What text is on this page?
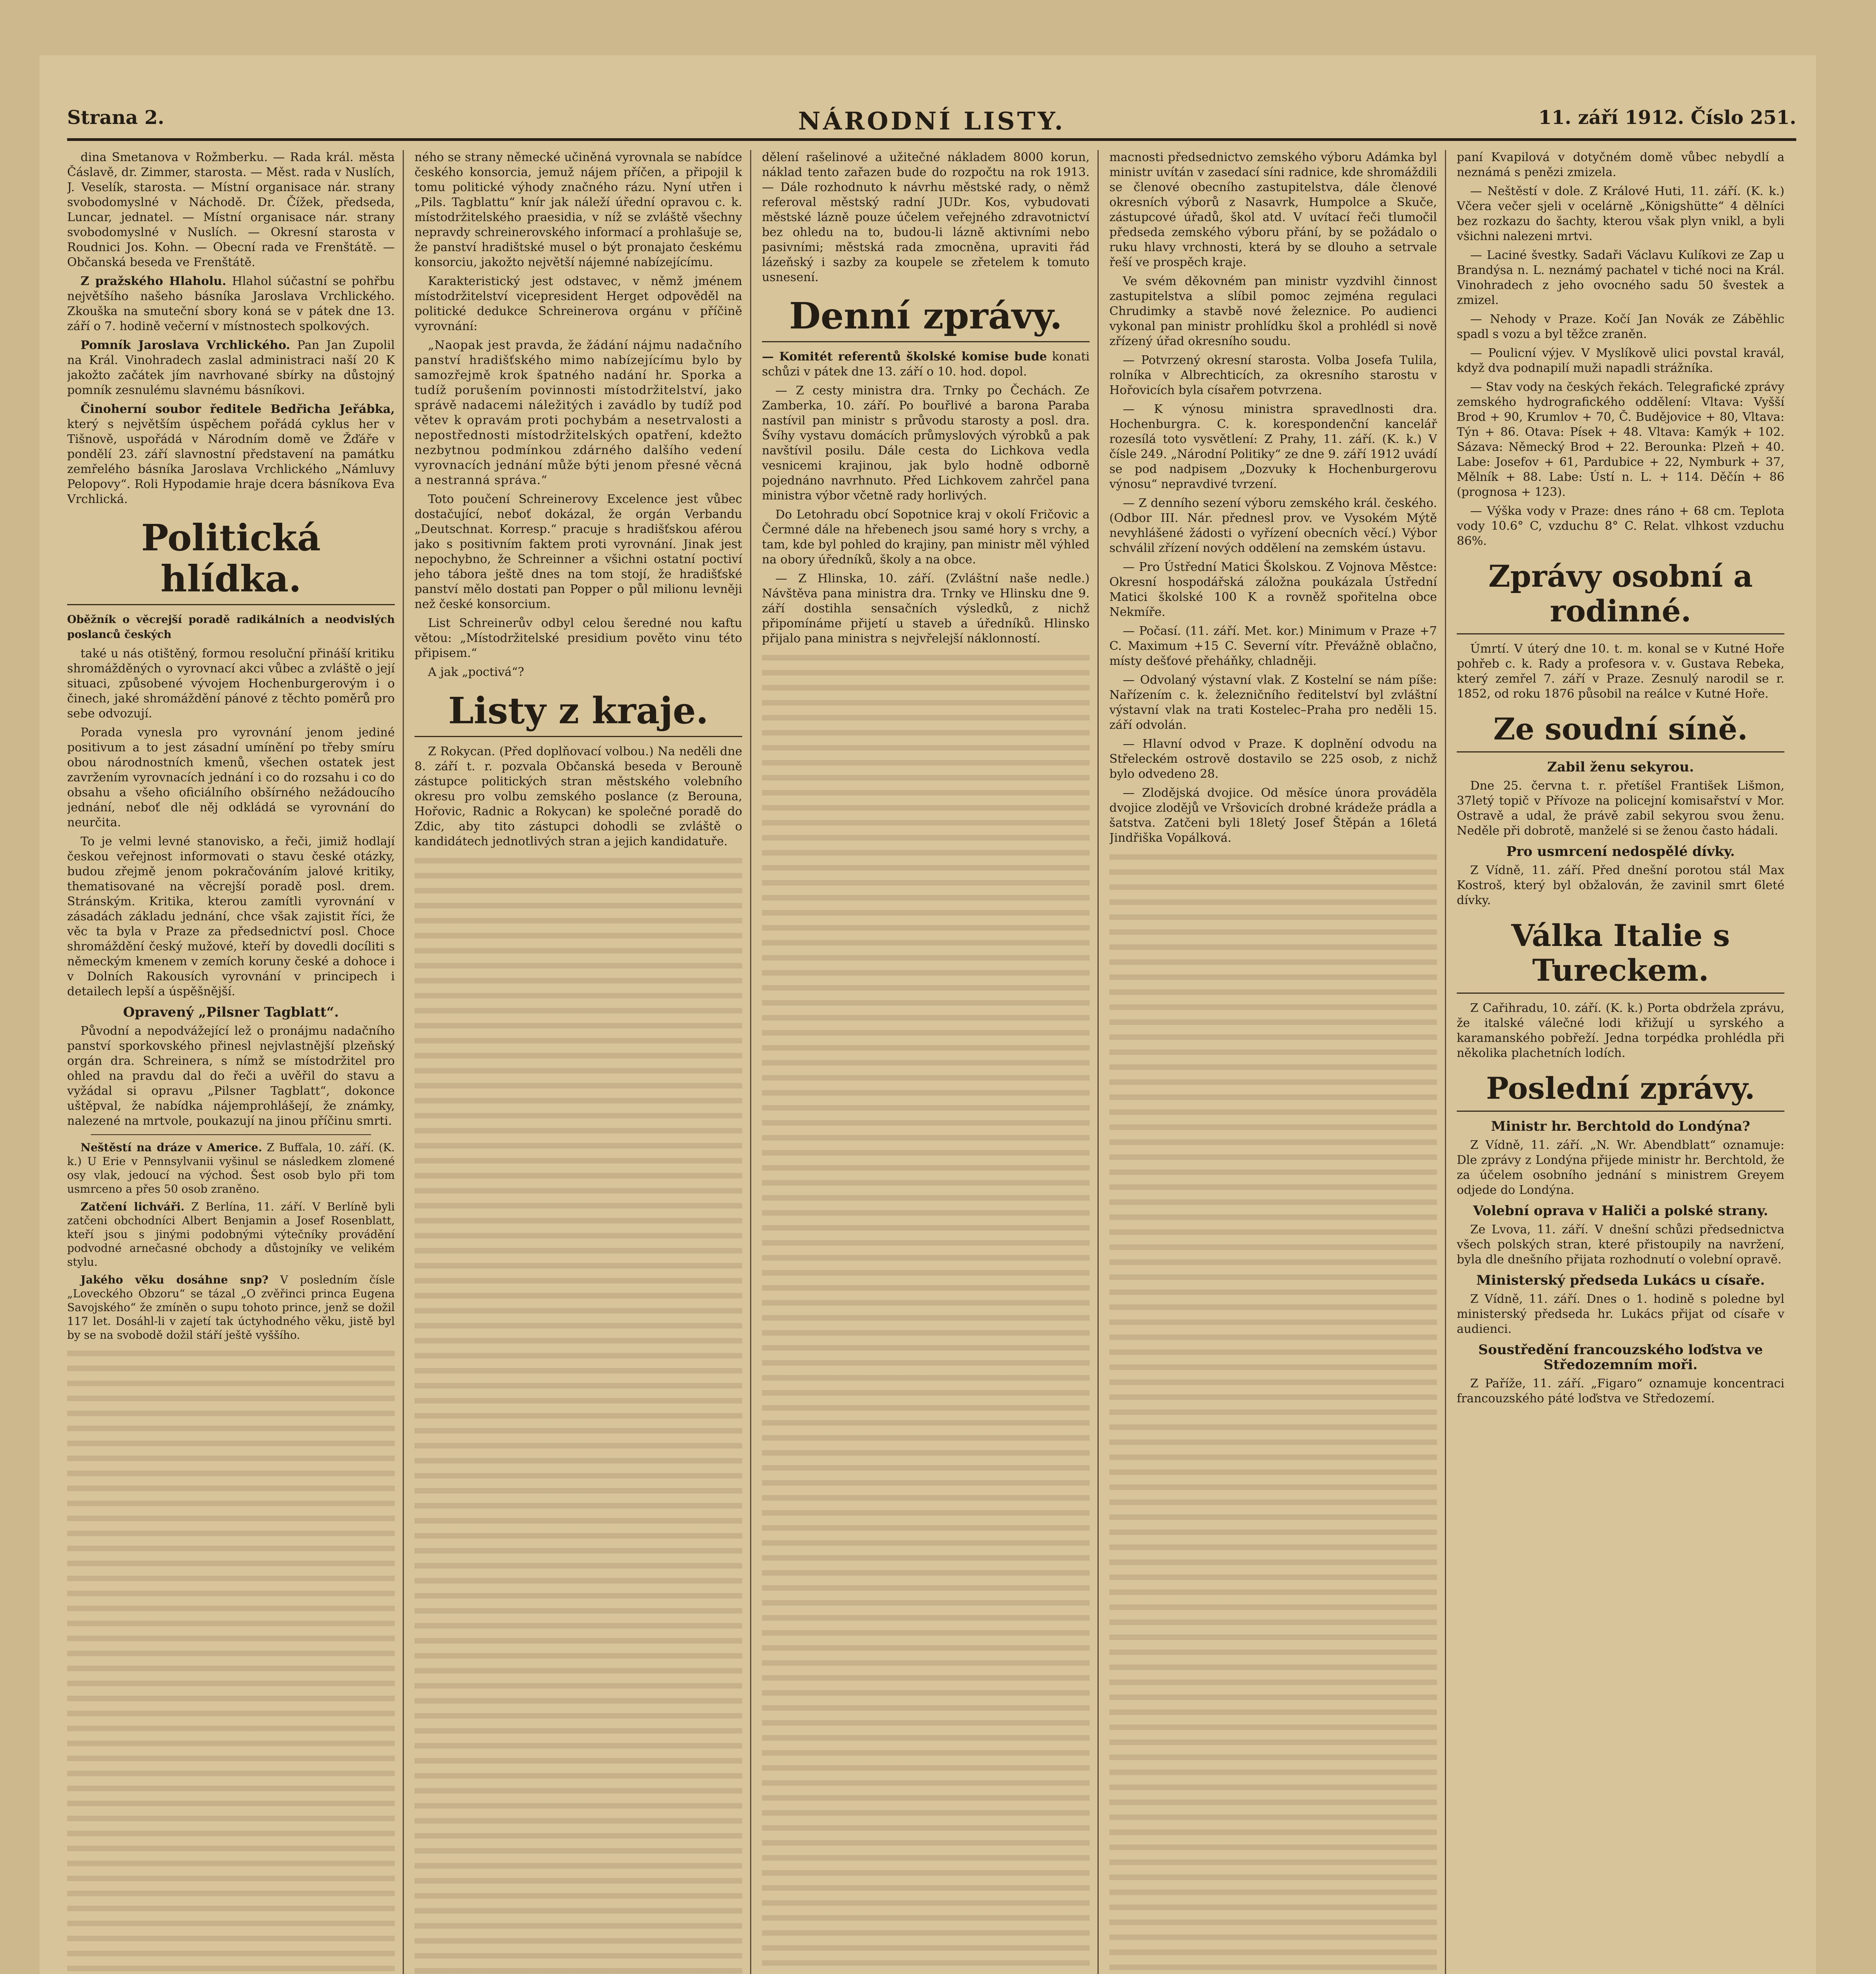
Strana 2.	NÁRODNÍ LISTY.	11. září 1912. Číslo 251.

dina Smetanova v Rožmberku. — Rada král. města Čáslavě, dr. Zimmer, starosta. — Měst. rada v Nuslích, J. Veselík, starosta. — Místní organisace nár. strany svobodomyslné v Náchodě. Dr. Čížek, předseda, Luncar, jednatel. — Místní organisace nár. strany svobodomyslné v Nuslích. — Okresní starosta v Roudnici Jos. Kohn. — Obecní rada ve Frenštátě. — Občanská beseda ve Frenštátě.

Z pražského Hlaholu. Hlahol súčastní se pohřbu největšího našeho básníka Jaroslava Vrchlického. Zkouška na smuteční sbory koná se v pátek dne 13. září o 7. hodině večerní v místnostech spolkových.

Pomník Jaroslava Vrchlického. Pan Jan Zupolil na Král. Vinohradech zaslal administraci naší 20 K jakožto začátek jím navrhované sbírky na důstojný pomník zesnulému slavnému básníkovi.

Činoherní soubor ředitele Bedřicha Jeřábka, který s největším úspěchem pořádá cyklus her v Tišnově, uspořádá v Národním domě ve Žďáře v pondělí 23. září slavnostní představení na památku zemřelého básníka Jaroslava Vrchlického „Námluvy Pelopovy“. Roli Hypodamie hraje dcera básníkova Eva Vrchlická.

Politická hlídka.

Oběžník o věcrejší poradě radikálních a neodvislých poslanců českých

také u nás otištěný, formou resoluční přináší kritiku shromážděných o vyrovnací akci vůbec a zvláště o její situaci, způsobené vývojem Hochenburgerovým i o činech, jaké shromáždění pánové z těchto poměrů pro sebe odvozují.

Porada vynesla pro vyrovnání jenom jediné positivum a to jest zásadní umínění po třeby smíru obou národnostních kmenů, všechen ostatek jest zavržením vyrovnacích jednání i co do rozsahu i co do obsahu a všeho oficiálního obšírného nežádoucího jednání, neboť dle něj odkládá se vyrovnání do neurčita.

To je velmi levné stanovisko, a řeči, jimiž hodlají českou veřejnost informovati o stavu české otázky, budou zřejmě jenom pokračováním jalové kritiky, thematisované na věcrejší poradě posl. drem. Stránským. Kritika, kterou zamítli vyrovnání v zásadách základu jednání, chce však zajistit říci, že věc ta byla v Praze za předsednictví posl. Choce shromáždění český mužové, kteří by dovedli docíliti s německým kmenem v zemích koruny české a dohoce i v Dolních Rakousích vyrovnání v principech i detailech lepší a úspěšnější.

Opravený „Pilsner Tagblatt“.

Původní a nepodvážející lež o pronájmu nadačního panství sporkovského přinesl nejvlastnější plzeňský orgán dra. Schreinera, s nímž se místodržitel pro ohled na pravdu dal do řeči a uvěřil do stavu a vyžádal si opravu „Pilsner Tagblatt“, dokonce uštěpval, že nabídka nájemprohlášejí, že známky, nalezené na mrtvole, poukazují na jinou příčinu smrti.

Neštěstí na dráze v Americe. Z Buffala, 10. září. (K. k.) U Erie v Pennsylvanii vyšinul se následkem zlomené osy vlak, jedoucí na východ. Šest osob bylo při tom usmrceno a přes 50 osob zraněno.

Zatčení lichváři. Z Berlína, 11. září. V Berlíně byli zatčeni obchodníci Albert Benjamin a Josef Rosenblatt, kteří jsou s jinými podobnými výtečníky provádění podvodné arnečasné obchody a důstojníky ve velikém stylu.

Jakého věku dosáhne snp? V posledním čísle „Loveckého Obzoru“ se tázal „O zvěřinci princa Eugena Savojského“ že zmíněn o supu tohoto prince, jenž se dožil 117 let. Dosáhl-li v zajetí tak úctyhodného věku, jistě byl by se na svobodě dožil stáří ještě vyššího.

ného se strany německé učiněná vyrovnala se nabídce českého konsorcia, jemuž nájem příčen, a připojil k tomu politické výhody značného rázu. Nyní utřen i „Pils. Tagblattu“ knír jak náleží úřední opravou c. k. místodržitelského praesidia, v níž se zvláště všechny nepravdy schreinerovského informací a prohlašuje se, že panství hradištské musel o být pronajato českému konsorciu, jakožto největší nájemné nabízejícímu.

Karakteristický jest odstavec, v němž jménem místodržitelství vicepresident Herget odpověděl na politické dedukce Schreinerova orgánu v příčině vyrovnání:

„Naopak jest pravda, že žádání nájmu nadačního panství hradišťského mimo nabízejícímu bylo by samozřejmě krok špatného nadání hr. Sporka a tudíž porušením povinnosti místodržitelství, jako správě nadacemi náležitých i zavádlo by tudíž pod větev k opravám proti pochybám a nesetrvalosti a nepostřednosti místodržitelských opatření, kdežto nezbytnou podmínkou zdárného dalšího vedení vyrovnacích jednání může býti jenom přesné věcná a nestranná správa.“

Toto poučení Schreinerovy Excelence jest vůbec dostačující, neboť dokázal, že orgán Verbandu „Deutschnat. Korresp.“ pracuje s hradišťskou aférou jako s positivním faktem proti vyrovnání. Jinak jest nepochybno, že Schreinner a všichni ostatní poctiví jeho tábora ještě dnes na tom stojí, že hradišťské panství mělo dostati pan Popper o půl milionu levněji než české konsorcium.

List Schreinerův odbyl celou šeredné nou kaftu větou: „Místodržitelské presidium pověto vinu této připisem.“

A jak „poctivá“?

Listy z kraje.

Z Rokycan. (Před doplňovací volbou.) Na neděli dne 8. září t. r. pozvala Občanská beseda v Berouně zástupce politických stran městského volebního okresu pro volbu zemského poslance (z Berouna, Hořovic, Radnic a Rokycan) ke společné poradě do Zdic, aby tito zástupci dohodli se zvláště o kandidátech jednotlivých stran a jejich kandidatuře.

dělení rašelinové a užitečné nákladem 8000 korun, náklad tento zařazen bude do rozpočtu na rok 1913. — Dále rozhodnuto k návrhu městské rady, o němž referoval městský radní JUDr. Kos, vybudovati městské lázně pouze účelem veřejného zdravotnictví bez ohledu na to, budou-li lázně aktivními nebo pasivními; městská rada zmocněna, upraviti řád lázeňský i sazby za koupele se zřetelem k tomuto usnesení.

Denní zprávy.

— Komitét referentů školské komise bude konati schůzi v pátek dne 13. září o 10. hod. dopol.

— Z cesty ministra dra. Trnky po Čechách. Ze Zamberka, 10. září. Po bouřlivé a barona Paraba nastívil pan ministr s průvodu starosty a posl. dra. Švíhy vystavu domácích průmyslových výrobků a pak navštívil posilu. Dále cesta do Lichkova vedla vesnicemi krajinou, jak bylo hodně odborně pojednáno navrhnuto. Před Lichkovem zahrčel pana ministra výbor včetně rady horlivých.

Do Letohradu obcí Sopotnice kraj v okolí Fričovic a Čermné dále na hřebenech jsou samé hory s vrchy, a tam, kde byl pohled do krajiny, pan ministr měl výhled na obory úředníků, školy a na obce.

— Z Hlinska, 10. září. (Zvláštní naše nedle.) Návštěva pana ministra dra. Trnky ve Hlinsku dne 9. září dostihla sensačních výsledků, z nichž připomínáme přijetí u staveb a úředníků. Hlinsko přijalo pana ministra s nejvřelejší náklonností.

macnosti předsednictvo zemského výboru Adámka byl ministr uvítán v zasedací síni radnice, kde shromáždili se členové obecního zastupitelstva, dále členové okresních výborů z Nasavrk, Humpolce a Skuče, zástupcové úřadů, škol atd. V uvítací řeči tlumočil předseda zemského výboru přání, by se požádalo o ruku hlavy vrchnosti, která by se dlouho a setrvale řeší ve prospěch kraje.

Ve svém děkovném pan ministr vyzdvihl činnost zastupitelstva a slíbil pomoc zejména regulaci Chrudimky a stavbě nové železnice. Po audienci vykonal pan ministr prohlídku škol a prohlédl si nově zřízený úřad okresního soudu.

— Potvrzený okresní starosta. Volba Josefa Tulila, rolníka v Albrechticích, za okresního starostu v Hořovicích byla císařem potvrzena.

— K výnosu ministra spravedlnosti dra. Hochenburgra. C. k. korespondenční kancelář rozesílá toto vysvětlení: Z Prahy, 11. září. (K. k.) V čísle 249. „Národní Politiky“ ze dne 9. září 1912 uvádí se pod nadpisem „Dozvuky k Hochenburgerovu výnosu“ nepravdivé tvrzení.

— Z denního sezení výboru zemského král. českého. (Odbor III. Nár. přednesl prov. ve Vysokém Mýtě nevyhlášené žádosti o vyřízení obecních věcí.) Výbor schválil zřízení nových oddělení na zemském ústavu.

— Pro Ústřední Matici Školskou. Z Vojnova Městce: Okresní hospodářská záložna poukázala Ústřední Matici školské 100 K a rovněž spořitelna obce Nekmíře.

— Počasí. (11. září. Met. kor.) Minimum v Praze +7 C. Maximum +15 C. Severní vítr. Převážně oblačno, místy dešťové přeháňky, chladněji.

— Odvolaný výstavní vlak. Z Kostelní se nám píše: Nařízením c. k. železničního ředitelství byl zvláštní výstavní vlak na trati Kostelec–Praha pro neděli 15. září odvolán.

— Hlavní odvod v Praze. K doplnění odvodu na Střeleckém ostrově dostavilo se 225 osob, z nichž bylo odvedeno 28.

— Zlodějská dvojice. Od měsíce února prováděla dvojice zlodějů ve Vršovicích drobné krádeže prádla a šatstva. Zatčeni byli 18letý Josef Štěpán a 16letá Jindřiška Vopálková.

paní Kvapilová v dotyčném domě vůbec nebydlí a neznámá s penězi zmizela.

— Neštěstí v dole. Z Králové Huti, 11. září. (K. k.) Včera večer sjeli v ocelárně „Königshütte“ 4 dělníci bez rozkazu do šachty, kterou však plyn vnikl, a byli všichni nalezeni mrtvi.

— Laciné švestky. Sadaři Václavu Kulíkovi ze Zap u Brandýsa n. L. neznámý pachatel v tiché noci na Král. Vinohradech z jeho ovocného sadu 50 švestek a zmizel.

— Nehody v Praze. Kočí Jan Novák ze Záběhlic spadl s vozu a byl těžce zraněn.

— Poulicní výjev. V Myslíkově ulici povstal kravál, když dva podnapilí muži napadli strážníka.

— Stav vody na českých řekách. Telegrafické zprávy zemského hydrografického oddělení: Vltava: Vyšší Brod + 90, Krumlov + 70, Č. Budějovice + 80, Vltava: Týn + 86. Otava: Písek + 48. Vltava: Kamýk + 102. Sázava: Německý Brod + 22. Berounka: Plzeň + 40. Labe: Josefov + 61, Pardubice + 22, Nymburk + 37, Mělník + 88. Labe: Ústí n. L. + 114. Děčín + 86 (prognosa + 123).

— Výška vody v Praze: dnes ráno + 68 cm. Teplota vody 10.6° C, vzduchu 8° C. Relat. vlhkost vzduchu 86%.

Zprávy osobní a rodinné.

Úmrtí. V úterý dne 10. t. m. konal se v Kutné Hoře pohřeb c. k. Rady a profesora v. v. Gustava Rebeka, který zemřel 7. září v Praze. Zesnulý narodil se r. 1852, od roku 1876 působil na reálce v Kutné Hoře.

Ze soudní síně.
Zabil ženu sekyrou.

Dne 25. června t. r. přetíšel František Lišmon, 37letý topič v Přívoze na policejní komisařství v Mor. Ostravě a udal, že právě zabil sekyrou svou ženu. Neděle při dobrotě, manželé si se ženou často hádali.

Pro usmrcení nedospělé dívky.

Z Vídně, 11. září. Před dnešní porotou stál Max Kostroš, který byl obžalován, že zavinil smrt 6leté dívky.

Válka Italie s Tureckem.

Z Cařihradu, 10. září. (K. k.) Porta obdržela zprávu, že italské válečné lodi křižují u syrského a karamanského pobřeží. Jedna torpédka prohlédla při několika plachetních lodích.

Poslední zprávy.
Ministr hr. Berchtold do Londýna?

Z Vídně, 11. září. „N. Wr. Abendblatt“ oznamuje: Dle zprávy z Londýna přijede ministr hr. Berchtold, že za účelem osobního jednání s ministrem Greyem odjede do Londýna.

Volební oprava v Haliči a polské strany.

Ze Lvova, 11. září. V dnešní schůzi předsednictva všech polských stran, které přistoupily na navržení, byla dle dnešního přijata rozhodnutí o volební opravě.

Ministerský předseda Lukács u císaře.

Z Vídně, 11. září. Dnes o 1. hodině s poledne byl ministerský předseda hr. Lukács přijat od císaře v audienci.

Soustředění francouzského loďstva ve Středozemním moři.

Z Paříže, 11. září. „Figaro“ oznamuje koncentraci francouzského páté loďstva ve Středozemí.
